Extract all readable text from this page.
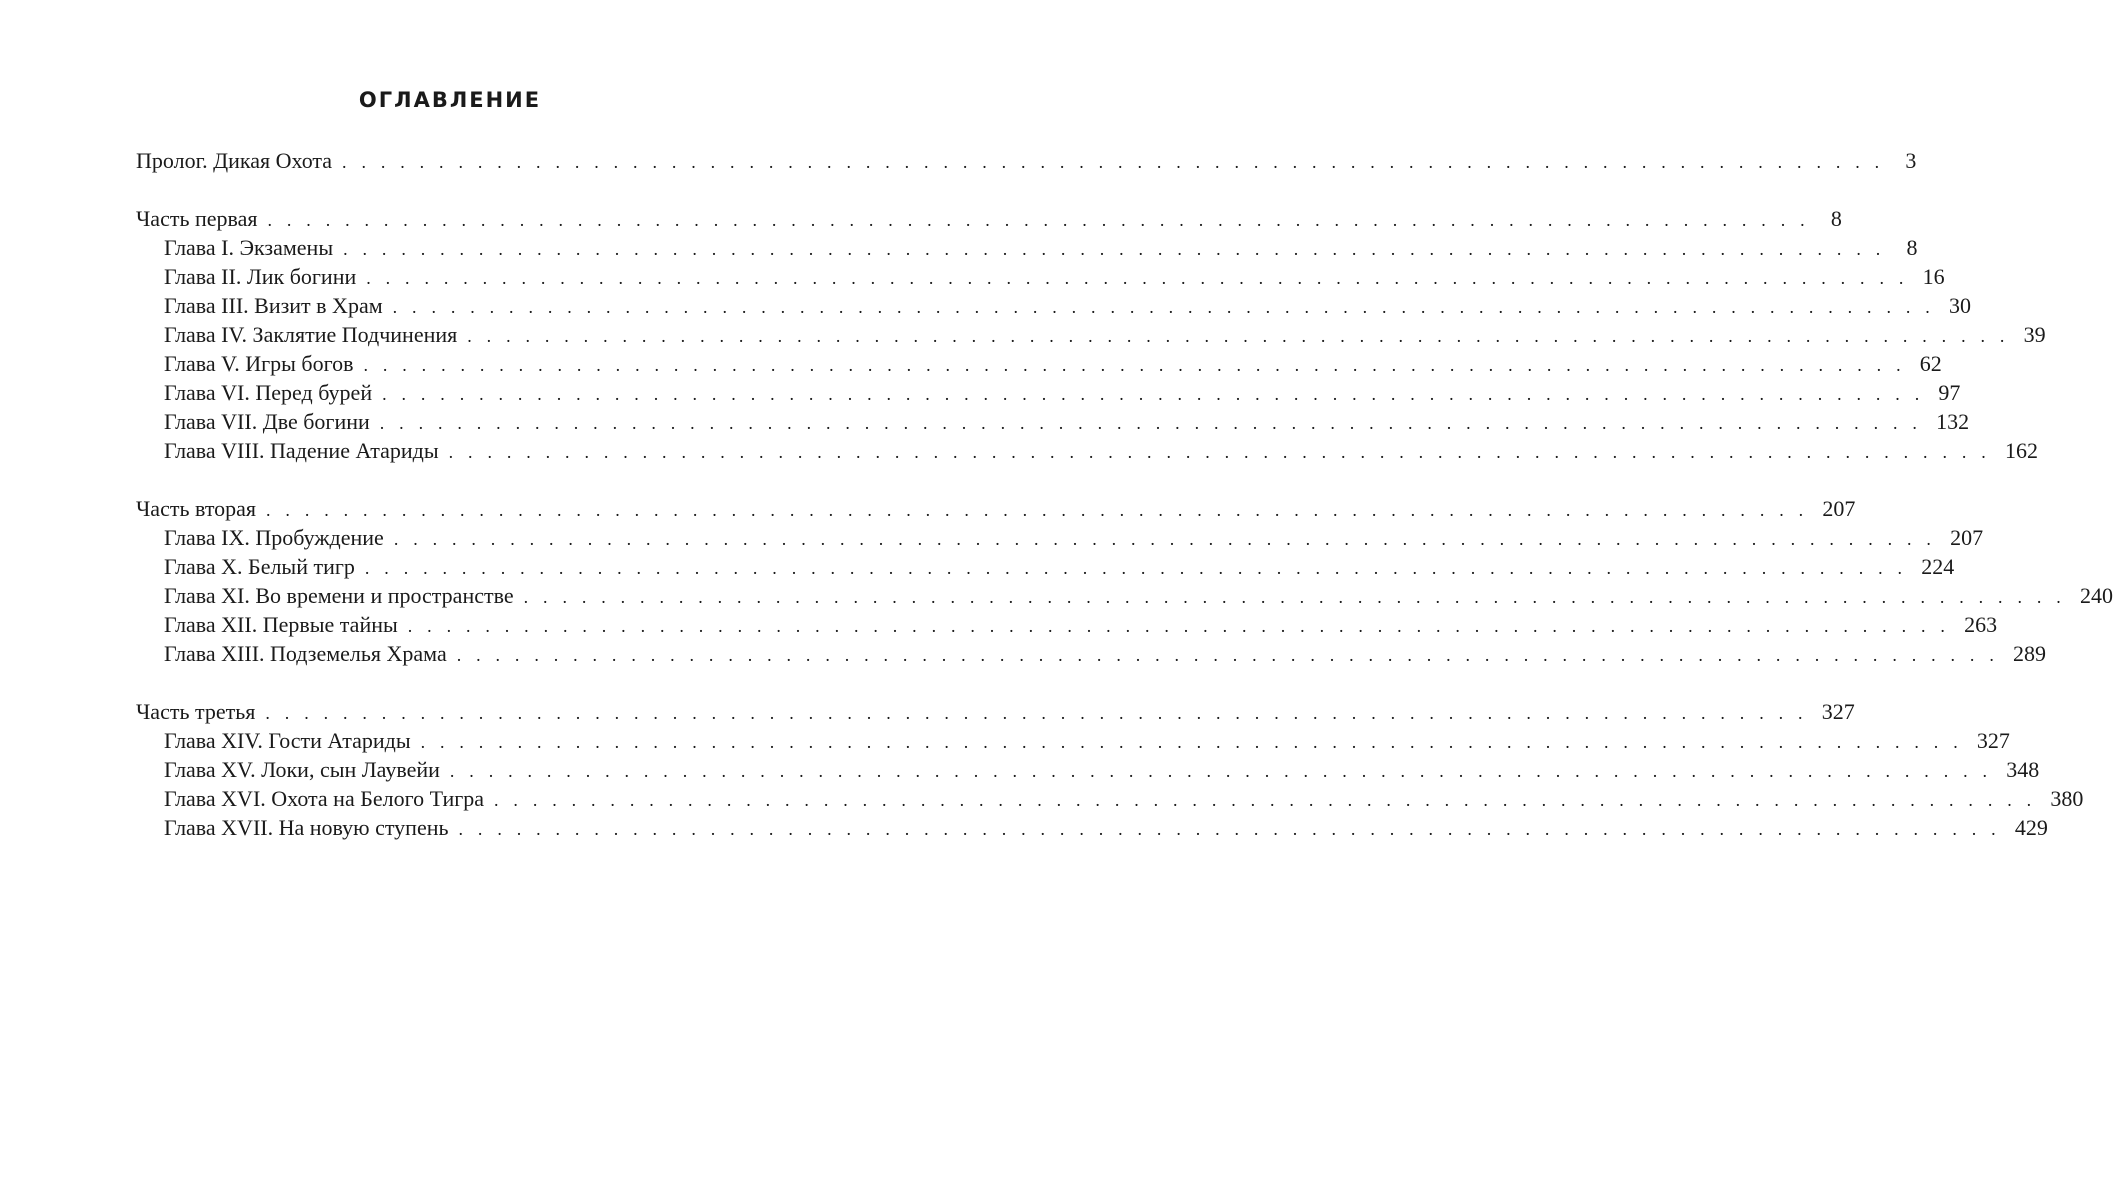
ОГЛАВЛЕНИЕ
Пролог. Дикая Охота . . . . . . . . . . . . . . . . . . . . . . . . . . . . . . . . . . . . . . . . . . . . . . . . . . . . . . . . . . . . . . . . . . . . . . . . . . . . . . . . 3
Часть первая . . . . . . . . . . . . . . . . . . . . . . . . . . . . . . . . . . . . . . . . . . . . . . . . . . . . . . . . . . . . . . . . . . . . . . . . . . . . . . . . 8
Глава I. Экзамены . . . . . . . . . . . . . . . . . . . . . . . . . . . . . . . . . . . . . . . . . . . . . . . . . . . . . . . . . . . . . . . . . . . . . . . . . . . . . . . . 8
Глава II. Лик богини . . . . . . . . . . . . . . . . . . . . . . . . . . . . . . . . . . . . . . . . . . . . . . . . . . . . . . . . . . . . . . . . . . . . . . . . . . . . . . . . 16
Глава III. Визит в Храм . . . . . . . . . . . . . . . . . . . . . . . . . . . . . . . . . . . . . . . . . . . . . . . . . . . . . . . . . . . . . . . . . . . . . . . . . . . . . . . . 30
Глава IV. Заклятие Подчинения . . . . . . . . . . . . . . . . . . . . . . . . . . . . . . . . . . . . . . . . . . . . . . . . . . . . . . . . . . . . . . . . . . . . . . . . . . . . . . . . 39
Глава V. Игры богов . . . . . . . . . . . . . . . . . . . . . . . . . . . . . . . . . . . . . . . . . . . . . . . . . . . . . . . . . . . . . . . . . . . . . . . . . . . . . . . . 62
Глава VI. Перед бурей . . . . . . . . . . . . . . . . . . . . . . . . . . . . . . . . . . . . . . . . . . . . . . . . . . . . . . . . . . . . . . . . . . . . . . . . . . . . . . . . 97
Глава VII. Две богини . . . . . . . . . . . . . . . . . . . . . . . . . . . . . . . . . . . . . . . . . . . . . . . . . . . . . . . . . . . . . . . . . . . . . . . . . . . . . . . . 132
Глава VIII. Падение Атариды . . . . . . . . . . . . . . . . . . . . . . . . . . . . . . . . . . . . . . . . . . . . . . . . . . . . . . . . . . . . . . . . . . . . . . . . . . . . . . . . 162
Часть вторая . . . . . . . . . . . . . . . . . . . . . . . . . . . . . . . . . . . . . . . . . . . . . . . . . . . . . . . . . . . . . . . . . . . . . . . . . . . . . . . . 207
Глава IX. Пробуждение . . . . . . . . . . . . . . . . . . . . . . . . . . . . . . . . . . . . . . . . . . . . . . . . . . . . . . . . . . . . . . . . . . . . . . . . . . . . . . . . 207
Глава X. Белый тигр . . . . . . . . . . . . . . . . . . . . . . . . . . . . . . . . . . . . . . . . . . . . . . . . . . . . . . . . . . . . . . . . . . . . . . . . . . . . . . . . 224
Глава XI. Во времени и пространстве . . . . . . . . . . . . . . . . . . . . . . . . . . . . . . . . . . . . . . . . . . . . . . . . . . . . . . . . . . . . . . . . . . . . . . . . . . . . . . . . 240
Глава XII. Первые тайны . . . . . . . . . . . . . . . . . . . . . . . . . . . . . . . . . . . . . . . . . . . . . . . . . . . . . . . . . . . . . . . . . . . . . . . . . . . . . . . . 263
Глава XIII. Подземелья Храма . . . . . . . . . . . . . . . . . . . . . . . . . . . . . . . . . . . . . . . . . . . . . . . . . . . . . . . . . . . . . . . . . . . . . . . . . . . . . . . . 289
Часть третья . . . . . . . . . . . . . . . . . . . . . . . . . . . . . . . . . . . . . . . . . . . . . . . . . . . . . . . . . . . . . . . . . . . . . . . . . . . . . . . . 327
Глава XIV. Гости Атариды . . . . . . . . . . . . . . . . . . . . . . . . . . . . . . . . . . . . . . . . . . . . . . . . . . . . . . . . . . . . . . . . . . . . . . . . . . . . . . . . 327
Глава XV. Локи, сын Лаувейи . . . . . . . . . . . . . . . . . . . . . . . . . . . . . . . . . . . . . . . . . . . . . . . . . . . . . . . . . . . . . . . . . . . . . . . . . . . . . . . . 348
Глава XVI. Охота на Белого Тигра . . . . . . . . . . . . . . . . . . . . . . . . . . . . . . . . . . . . . . . . . . . . . . . . . . . . . . . . . . . . . . . . . . . . . . . . . . . . . . . . 380
Глава XVII. На новую ступень . . . . . . . . . . . . . . . . . . . . . . . . . . . . . . . . . . . . . . . . . . . . . . . . . . . . . . . . . . . . . . . . . . . . . . . . . . . . . . . . 429
